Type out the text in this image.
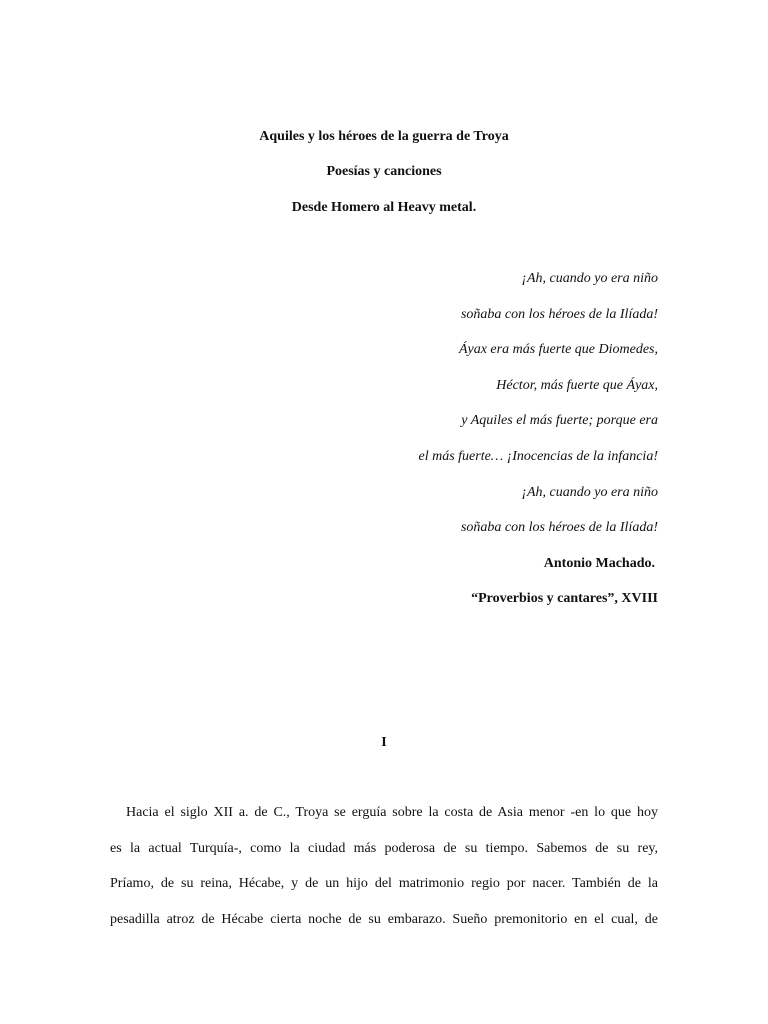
Aquiles y los héroes de la guerra de Troya
Poesías y canciones
Desde Homero al Heavy metal.
¡Ah, cuando yo era niño
soñaba con los héroes de la Ilíada!
Áyax era más fuerte que Diomedes,
Héctor, más fuerte que Áyax,
y Aquiles el más fuerte; porque era
el más fuerte… ¡Inocencias de la infancia!
¡Ah, cuando yo era niño
soñaba con los héroes de la Ilíada!
Antonio Machado.
“Proverbios y cantares”, XVIII
I
Hacia el siglo XII a. de C., Troya se erguía sobre la costa de Asia menor -en lo que hoy
es la actual Turquía-, como la ciudad más poderosa de su tiempo. Sabemos de su rey,
Príamo, de su reina, Hécabe, y de un hijo del matrimonio regio por nacer. También de la
pesadilla atroz de Hécabe cierta noche de su embarazo. Sueño premonitorio en el cual, de
